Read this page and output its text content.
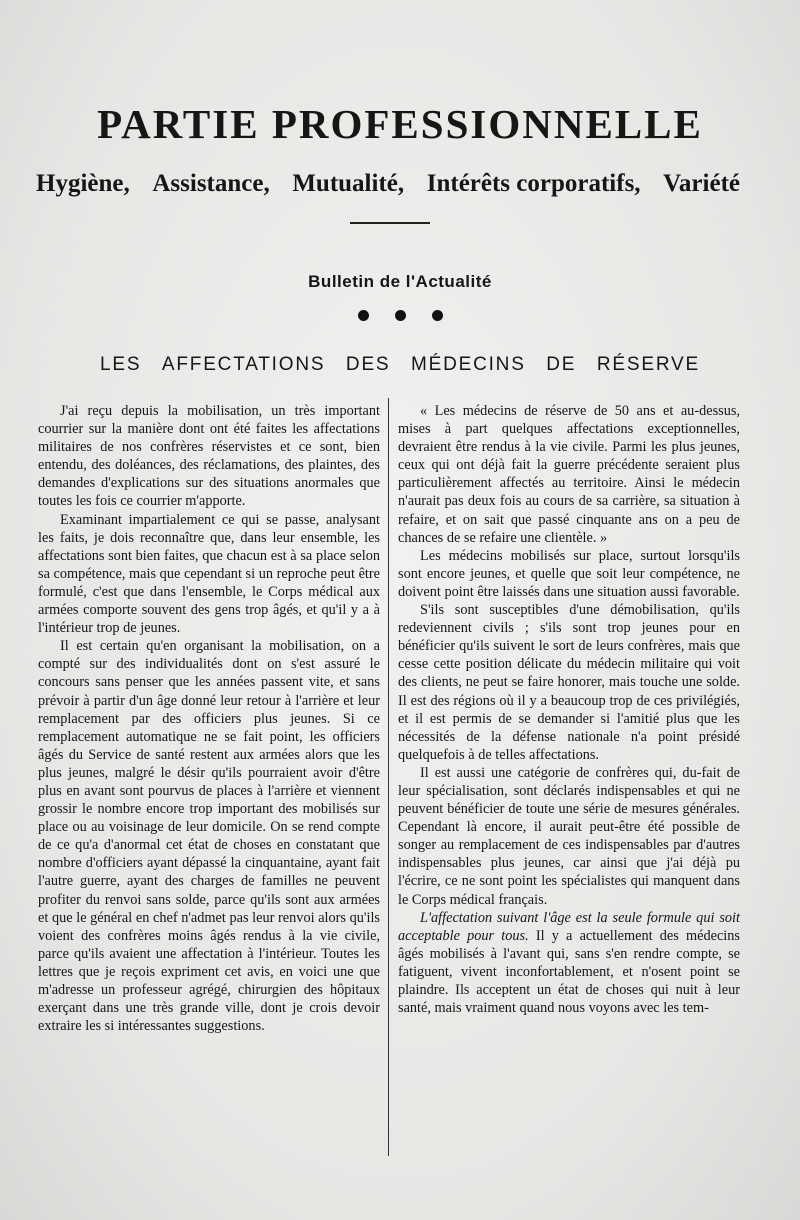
PARTIE PROFESSIONNELLE
Hygiène, Assistance, Mutualité, Intérêts corporatifs, Variété
Bulletin de l'Actualité
LES AFFECTATIONS DES MÉDECINS DE RÉSERVE

J'ai reçu depuis la mobilisation, un très important courrier sur la manière dont ont été faites les affectations militaires de nos confrères réservistes et ce sont, bien entendu, des doléances, des réclamations, des plaintes, des demandes d'explications sur des situations anormales que toutes les fois ce courrier m'apporte.

Examinant impartialement ce qui se passe, analysant les faits, je dois reconnaître que, dans leur ensemble, les affectations sont bien faites, que chacun est à sa place selon sa compétence, mais que cependant si un reproche peut être formulé, c'est que dans l'ensemble, le Corps médical aux armées comporte souvent des gens trop âgés, et qu'il y a à l'intérieur trop de jeunes.

Il est certain qu'en organisant la mobilisation, on a compté sur des individualités dont on s'est assuré le concours sans penser que les années passent vite, et sans prévoir à partir d'un âge donné leur retour à l'arrière et leur remplacement par des officiers plus jeunes. Si ce remplacement automatique ne se fait point, les officiers âgés du Service de santé restent aux armées alors que les plus jeunes, malgré le désir qu'ils pourraient avoir d'être plus en avant sont pourvus de places à l'arrière et viennent grossir le nombre encore trop important des mobilisés sur place ou au voisinage de leur domicile. On se rend compte de ce qu'a d'anormal cet état de choses en constatant que nombre d'officiers ayant dépassé la cinquantaine, ayant fait l'autre guerre, ayant des charges de familles ne peuvent profiter du renvoi sans solde, parce qu'ils sont aux armées et que le général en chef n'admet pas leur renvoi alors qu'ils voient des confrères moins âgés rendus à la vie civile, parce qu'ils avaient une affectation à l'intérieur. Toutes les lettres que je reçois expriment cet avis, en voici une que m'adresse un professeur agrégé, chirurgien des hôpitaux exerçant dans une très grande ville, dont je crois devoir extraire les si intéressantes suggestions.

« Les médecins de réserve de 50 ans et au-dessus, mises à part quelques affectations exceptionnelles, devraient être rendus à la vie civile. Parmi les plus jeunes, ceux qui ont déjà fait la guerre précédente seraient plus particulièrement affectés au territoire. Ainsi le médecin n'aurait pas deux fois au cours de sa carrière, sa situation à refaire, et on sait que passé cinquante ans on a peu de chances de se refaire une clientèle. »

Les médecins mobilisés sur place, surtout lorsqu'ils sont encore jeunes, et quelle que soit leur compétence, ne doivent point être laissés dans une situation aussi favorable.

S'ils sont susceptibles d'une démobilisation, qu'ils redeviennent civils ; s'ils sont trop jeunes pour en bénéficier qu'ils suivent le sort de leurs confrères, mais que cesse cette position délicate du médecin militaire qui voit des clients, ne peut se faire honorer, mais touche une solde. Il est des régions où il y a beaucoup trop de ces privilégiés, et il est permis de se demander si l'amitié plus que les nécessités de la défense nationale n'a point présidé quelquefois à de telles affectations.

Il est aussi une catégorie de confrères qui, du-fait de leur spécialisation, sont déclarés indispensables et qui ne peuvent bénéficier de toute une série de mesures générales. Cependant là encore, il aurait peut-être été possible de songer au remplacement de ces indispensables par d'autres indispensables plus jeunes, car ainsi que j'ai déjà pu l'écrire, ce ne sont point les spécialistes qui manquent dans le Corps médical français.

L'affectation suivant l'âge est la seule formule qui soit acceptable pour tous. Il y a actuellement des médecins âgés mobilisés à l'avant qui, sans s'en rendre compte, se fatiguent, vivent inconfortablement, et n'osent point se plaindre. Ils acceptent un état de choses qui nuit à leur santé, mais vraiment quand nous voyons avec les tem-
